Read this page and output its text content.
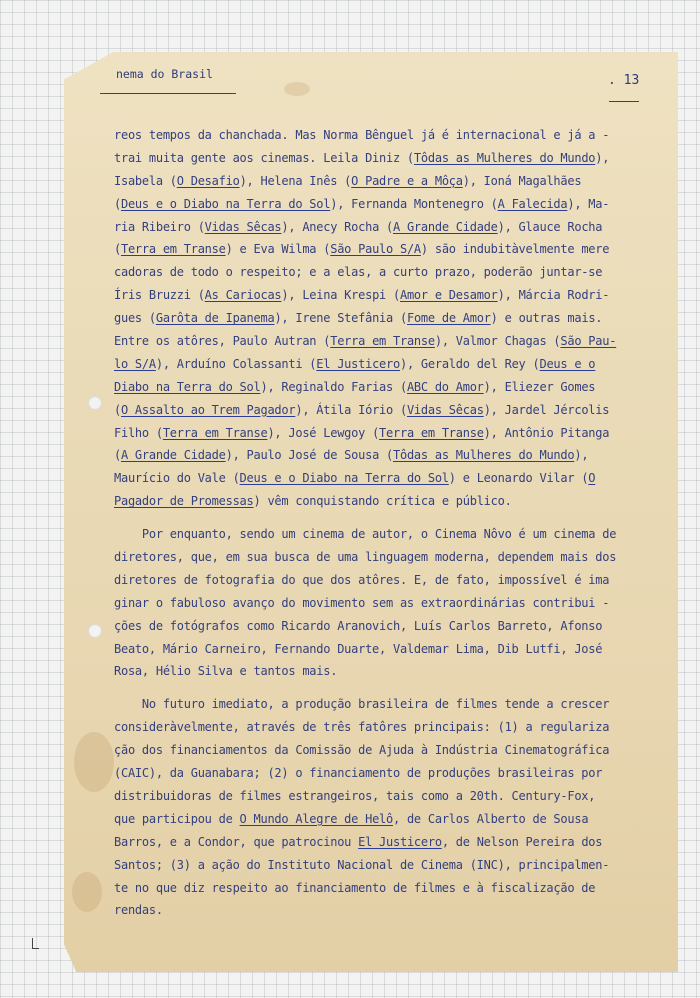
nema do Brasil	. 13
reos tempos da chanchada. Mas Norma Bênguel já é internacional e já a -
trai muita gente aos cinemas. Leila Diniz (Tôdas as Mulheres do Mundo),
Isabela (O Desafio), Helena Inês (O Padre e a Môça), Ioná Magalhães
(Deus e o Diabo na Terra do Sol), Fernanda Montenegro (A Falecida), Ma-
ria Ribeiro (Vidas Sêcas), Anecy Rocha (A Grande Cidade), Glauce Rocha
(Terra em Transe) e Eva Wilma (São Paulo S/A) são indubitàvelmente mere
cadoras de todo o respeito; e a elas, a curto prazo, poderão juntar-se
Íris Bruzzi (As Cariocas), Leina Krespi (Amor e Desamor), Márcia Rodri-
gues (Garôta de Ipanema), Irene Stefânia (Fome de Amor) e outras mais.
Entre os atôres, Paulo Autran (Terra em Transe), Valmor Chagas (São Pau-
lo S/A), Arduíno Colassanti (El Justicero), Geraldo del Rey (Deus e o
Diabo na Terra do Sol), Reginaldo Farias (ABC do Amor), Eliezer Gomes
(O Assalto ao Trem Pagador), Átila Iório (Vidas Sêcas), Jardel Jércolis
Filho (Terra em Transe), José Lewgoy (Terra em Transe), Antônio Pitanga
(A Grande Cidade), Paulo José de Sousa (Tôdas as Mulheres do Mundo),
Maurício do Vale (Deus e o Diabo na Terra do Sol) e Leonardo Vilar (O
Pagador de Promessas) vêm conquistando crítica e público.
Por enquanto, sendo um cinema de autor, o Cinema Nôvo é um cinema de
diretores, que, em sua busca de uma linguagem moderna, dependem mais dos
diretores de fotografia do que dos atôres. E, de fato, impossível é ima
ginar o fabuloso avanço do movimento sem as extraordinárias contribui -
ções de fotógrafos como Ricardo Aranovich, Luís Carlos Barreto, Afonso
Beato, Mário Carneiro, Fernando Duarte, Valdemar Lima, Dib Lutfi, José
Rosa, Hélio Silva e tantos mais.
No futuro imediato, a produção brasileira de filmes tende a crescer
consideràvelmente, através de três fatôres principais: (1) a regulariza
ção dos financiamentos da Comissão de Ajuda à Indústria Cinematográfica
(CAIC), da Guanabara; (2) o financiamento de produções brasileiras por
distribuidoras de filmes estrangeiros, tais como a 20th. Century-Fox,
que participou de O Mundo Alegre de Helô, de Carlos Alberto de Sousa
Barros, e a Condor, que patrocinou El Justicero, de Nelson Pereira dos
Santos; (3) a ação do Instituto Nacional de Cinema (INC), principalmen-
te no que diz respeito ao financiamento de filmes e à fiscalização de
rendas.
